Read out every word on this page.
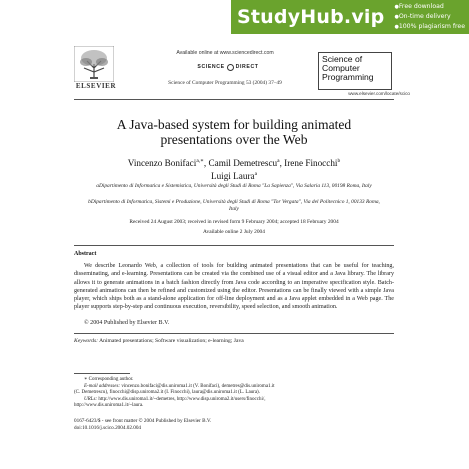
StudyHub.vip
●	Free download
● On-time delivery
● 100% plagiarism free
ELSEVIER
Available online at www.sciencedirect.com
SCIENCE DIRECT
Science of Computer Programming 53 (2004) 37–49
Science of
Computer
Programming
www.elsevier.com/locate/scico
A Java-based system for building animated
presentations over the Web
Vincenzo Bonifaci$^{a,∗}$, Camil Demetrescu$^a$, Irene Finocchi$^b$
Luigi Laura$^a$
aDipartimento di Informatica e Sistemistica, Università degli Studi di Roma "La Sapienza", Via Salaria 113, 00198 Roma, Italy
bDipartimento di Informatica, Sistemi e Produzione, Università degli Studi di Roma "Tor Vergata", Via del Politecnico 1, 00133 Roma, Italy
Received 24 August 2003; received in revised form 9 February 2004; accepted 18 February 2004
Available online 2 July 2004
Abstract
We describe Leonardo Web, a collection of tools for building animated presentations that can be useful for teaching, disseminating, and e-learning. Presentations can be created via the combined use of a visual editor and a Java library. The library allows it to generate animations in a batch fashion directly from Java code according to an imperative specification style. Batch-generated animations can then be refined and customized using the editor. Presentations can be finally viewed with a simple Java player, which ships both as a stand-alone application for off-line deployment and as a Java applet embedded in a Web page. The player supports step-by-step and continuous execution, reversibility, speed selection, and smooth animation.
© 2004 Published by Elsevier B.V.
Keywords: Animated presentations; Software visualization; e-learning; Java
∗ Corresponding author.
E-mail addresses: vincenzo.bonifaci@dis.uniroma1.it (V. Bonifaci), demetres@dis.uniroma1.it
(C. Demetrescu), finocchi@disp.uniroma2.it (I. Finocchi), laura@dis.uniroma1.it (L. Laura).
URLs: http://www.dis.uniroma1.it/~demetres, http://www.disp.uniroma2.it/users/finocchi/,
http://www.dis.uniroma1.it/~laura.
0167-6423/$ - see front matter © 2004 Published by Elsevier B.V.
doi:10.1016/j.scico.2004.02.004
